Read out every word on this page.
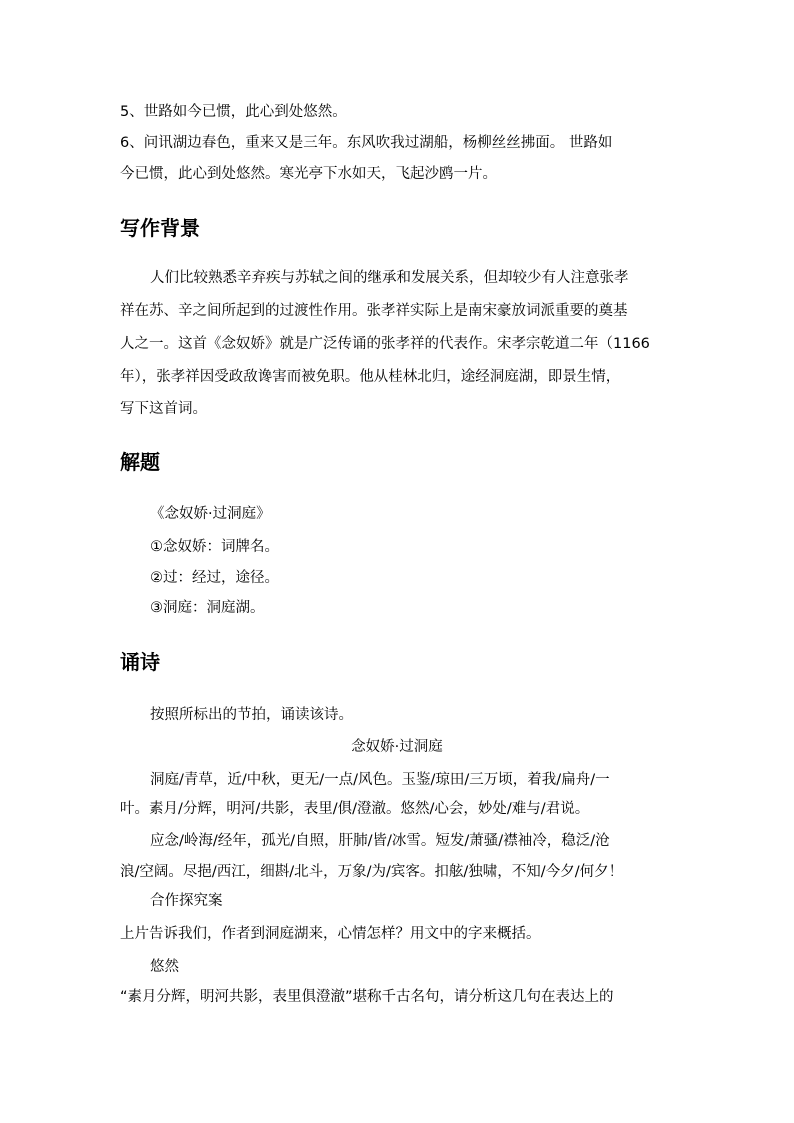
5、世路如今已惯，此心到处悠然。
6、问讯湖边春色，重来又是三年。东风吹我过湖船，杨柳丝丝拂面。 世路如
今已惯，此心到处悠然。寒光亭下水如天，飞起沙鸥一片。
写作背景
人们比较熟悉辛弃疾与苏轼之间的继承和发展关系，但却较少有人注意张孝
祥在苏、辛之间所起到的过渡性作用。张孝祥实际上是南宋豪放词派重要的奠基
人之一。这首《念奴娇》就是广泛传诵的张孝祥的代表作。宋孝宗乾道二年（1166
年），张孝祥因受政敌谗害而被免职。他从桂林北归，途经洞庭湖，即景生情，
写下这首词。
解题
《念奴娇·过洞庭》
①念奴娇：词牌名。
②过：经过，途径。
③洞庭：洞庭湖。
诵诗
按照所标出的节拍，诵读该诗。
念奴娇·过洞庭
洞庭/青草，近/中秋，更无/一点/风色。玉鉴/琼田/三万顷，着我/扁舟/一
叶。素月/分辉，明河/共影，表里/俱/澄澈。悠然/心会，妙处/难与/君说。
应念/岭海/经年，孤光/自照，肝肺/皆/冰雪。短发/萧骚/襟袖冷，稳泛/沧
浪/空阔。尽挹/西江，细斟/北斗，万象/为/宾客。扣舷/独啸，不知/今夕/何夕！
合作探究案
上片告诉我们，作者到洞庭湖来，心情怎样？用文中的字来概括。
悠然
“素月分辉，明河共影，表里俱澄澈”堪称千古名句，请分析这几句在表达上的
